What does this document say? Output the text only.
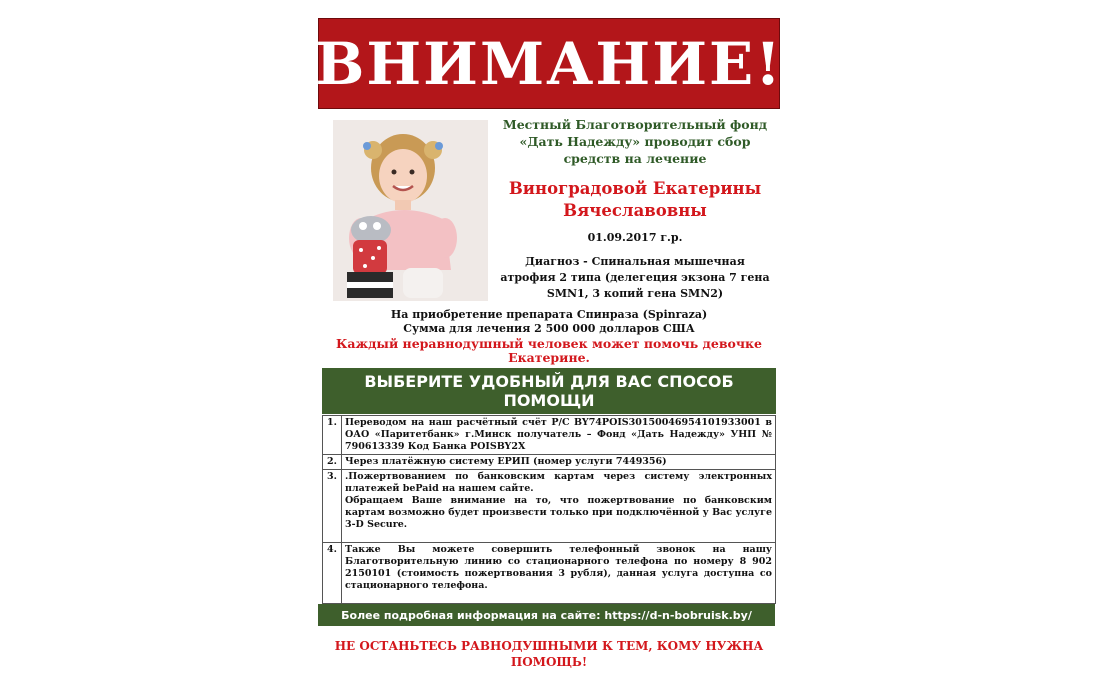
ВНИМАНИЕ!
Местный Благотворительный фонд
«Дать Надежду» проводит сбор
средств на лечение
Виноградовой Екатерины
Вячеславовны
01.09.2017 г.р.
Диагноз - Спинальная мышечная
атрофия 2 типа (делегеция экзона 7 гена
SMN1, 3 копий гена SMN2)
На приобретение препарата Спинраза (Spinraza)
Сумма для лечения 2 500 000 долларов США
Каждый неравнодушный человек может помочь девочке
Екатерине.
ВЫБЕРИТЕ УДОБНЫЙ ДЛЯ ВАС СПОСОБ
ПОМОЩИ
1.	Переводом на наш расчётный счёт Р/С BY74POIS30150046954101933001 в ОАО «Паритетбанк» г.Минск получатель – Фонд «Дать Надежду» УНП № 790613339 Код Банка POISBY2X
2.	Через платёжную систему ЕРИП (номер услуги 7449356)
3.	.Пожертвованием по банковским картам через систему электронных платежей bePaid на нашем сайте.
Обращаем Ваше внимание на то, что пожертвование по банковским картам возможно будет произвести только при подключённой у Вас услуге 3-D Secure.

4.	Также Вы можете совершить телефонный звонок на нашу Благотворительную линию со стационарного телефона по номеру 8 902 2150101 (стоимость пожертвования 3 рубля), данная услуга доступна со стационарного телефона.
Более подробная информация на сайте: https://d-n-bobruisk.by/
НЕ ОСТАНЬТЕСЬ РАВНОДУШНЫМИ К ТЕМ, КОМУ НУЖНА
ПОМОЩЬ!
